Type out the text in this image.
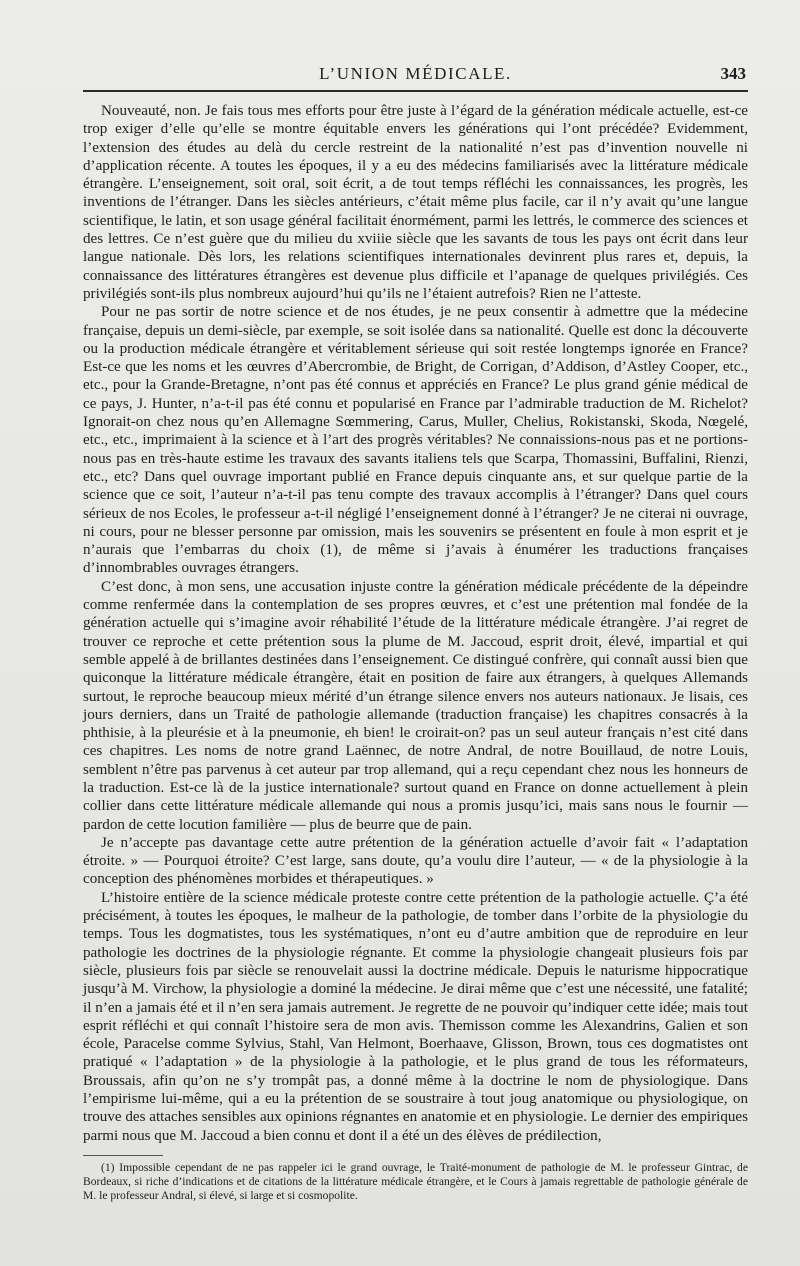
L’UNION MÉDICALE.	343

Nouveauté, non. Je fais tous mes efforts pour être juste à l’égard de la génération médicale actuelle, est-ce trop exiger d’elle qu’elle se montre équitable envers les générations qui l’ont précédée? Evidemment, l’extension des études au delà du cercle restreint de la nationalité n’est pas d’invention nouvelle ni d’application récente. A toutes les époques, il y a eu des médecins familiarisés avec la littérature médicale étrangère. L’enseignement, soit oral, soit écrit, a de tout temps réfléchi les connaissances, les progrès, les inventions de l’étranger. Dans les siècles antérieurs, c’était même plus facile, car il n’y avait qu’une langue scientifique, le latin, et son usage général facilitait énormément, parmi les lettrés, le commerce des sciences et des lettres. Ce n’est guère que du milieu du xviiie siècle que les savants de tous les pays ont écrit dans leur langue nationale. Dès lors, les relations scientifiques internationales devinrent plus rares et, depuis, la connaissance des littératures étrangères est devenue plus difficile et l’apanage de quelques privilégiés. Ces privilégiés sont-ils plus nombreux aujourd’hui qu’ils ne l’étaient autrefois? Rien ne l’atteste.

Pour ne pas sortir de notre science et de nos études, je ne peux consentir à admettre que la médecine française, depuis un demi-siècle, par exemple, se soit isolée dans sa nationalité. Quelle est donc la découverte ou la production médicale étrangère et véritablement sérieuse qui soit restée longtemps ignorée en France? Est-ce que les noms et les œuvres d’Abercrombie, de Bright, de Corrigan, d’Addison, d’Astley Cooper, etc., etc., pour la Grande-Bretagne, n’ont pas été connus et appréciés en France? Le plus grand génie médical de ce pays, J. Hunter, n’a-t-il pas été connu et popularisé en France par l’admirable traduction de M. Richelot? Ignorait-on chez nous qu’en Allemagne Sœmmering, Carus, Muller, Chelius, Rokistanski, Skoda, Nœgelé, etc., etc., imprimaient à la science et à l’art des progrès véritables? Ne connaissions-nous pas et ne portions-nous pas en très-haute estime les travaux des savants italiens tels que Scarpa, Thomassini, Buffalini, Rienzi, etc., etc? Dans quel ouvrage important publié en France depuis cinquante ans, et sur quelque partie de la science que ce soit, l’auteur n’a-t-il pas tenu compte des travaux accomplis à l’étranger? Dans quel cours sérieux de nos Ecoles, le professeur a-t-il négligé l’enseignement donné à l’étranger? Je ne citerai ni ouvrage, ni cours, pour ne blesser personne par omission, mais les souvenirs se présentent en foule à mon esprit et je n’aurais que l’embarras du choix (1), de même si j’avais à énumérer les traductions françaises d’innombrables ouvrages étrangers.

C’est donc, à mon sens, une accusation injuste contre la génération médicale précédente de la dépeindre comme renfermée dans la contemplation de ses propres œuvres, et c’est une prétention mal fondée de la génération actuelle qui s’imagine avoir réhabilité l’étude de la littérature médicale étrangère. J’ai regret de trouver ce reproche et cette prétention sous la plume de M. Jaccoud, esprit droit, élevé, impartial et qui semble appelé à de brillantes destinées dans l’enseignement. Ce distingué confrère, qui connaît aussi bien que quiconque la littérature médicale étrangère, était en position de faire aux étrangers, à quelques Allemands surtout, le reproche beaucoup mieux mérité d’un étrange silence envers nos auteurs nationaux. Je lisais, ces jours derniers, dans un Traité de pathologie allemande (traduction française) les chapitres consacrés à la phthisie, à la pleurésie et à la pneumonie, eh bien! le croirait-on? pas un seul auteur français n’est cité dans ces chapitres. Les noms de notre grand Laënnec, de notre Andral, de notre Bouillaud, de notre Louis, semblent n’être pas parvenus à cet auteur par trop allemand, qui a reçu cependant chez nous les honneurs de la traduction. Est-ce là de la justice internationale? surtout quand en France on donne actuellement à plein collier dans cette littérature médicale allemande qui nous a promis jusqu’ici, mais sans nous le fournir — pardon de cette locution familière — plus de beurre que de pain.

Je n’accepte pas davantage cette autre prétention de la génération actuelle d’avoir fait « l’adaptation étroite. » — Pourquoi étroite? C’est large, sans doute, qu’a voulu dire l’auteur, — « de la physiologie à la conception des phénomènes morbides et thérapeutiques. »

L’histoire entière de la science médicale proteste contre cette prétention de la pathologie actuelle. Ç’a été précisément, à toutes les époques, le malheur de la pathologie, de tomber dans l’orbite de la physiologie du temps. Tous les dogmatistes, tous les systématiques, n’ont eu d’autre ambition que de reproduire en leur pathologie les doctrines de la physiologie régnante. Et comme la physiologie changeait plusieurs fois par siècle, plusieurs fois par siècle se renouvelait aussi la doctrine médicale. Depuis le naturisme hippocratique jusqu’à M. Virchow, la physiologie a dominé la médecine. Je dirai même que c’est une nécessité, une fatalité; il n’en a jamais été et il n’en sera jamais autrement. Je regrette de ne pouvoir qu’indiquer cette idée; mais tout esprit réfléchi et qui connaît l’histoire sera de mon avis. Themisson comme les Alexandrins, Galien et son école, Paracelse comme Sylvius, Stahl, Van Helmont, Boerhaave, Glisson, Brown, tous ces dogmatistes ont pratiqué « l’adaptation » de la physiologie à la pathologie, et le plus grand de tous les réformateurs, Broussais, afin qu’on ne s’y trompât pas, a donné même à la doctrine le nom de physiologique. Dans l’empirisme lui-même, qui a eu la prétention de se soustraire à tout joug anatomique ou physiologique, on trouve des attaches sensibles aux opinions régnantes en anatomie et en physiologie. Le dernier des empiriques parmi nous que M. Jaccoud a bien connu et dont il a été un des élèves de prédilection,

(1) Impossible cependant de ne pas rappeler ici le grand ouvrage, le Traité-monument de pathologie de M. le professeur Gintrac, de Bordeaux, si riche d’indications et de citations de la littérature médicale étrangère, et le Cours à jamais regrettable de pathologie générale de M. le professeur Andral, si élevé, si large et si cosmopolite.
